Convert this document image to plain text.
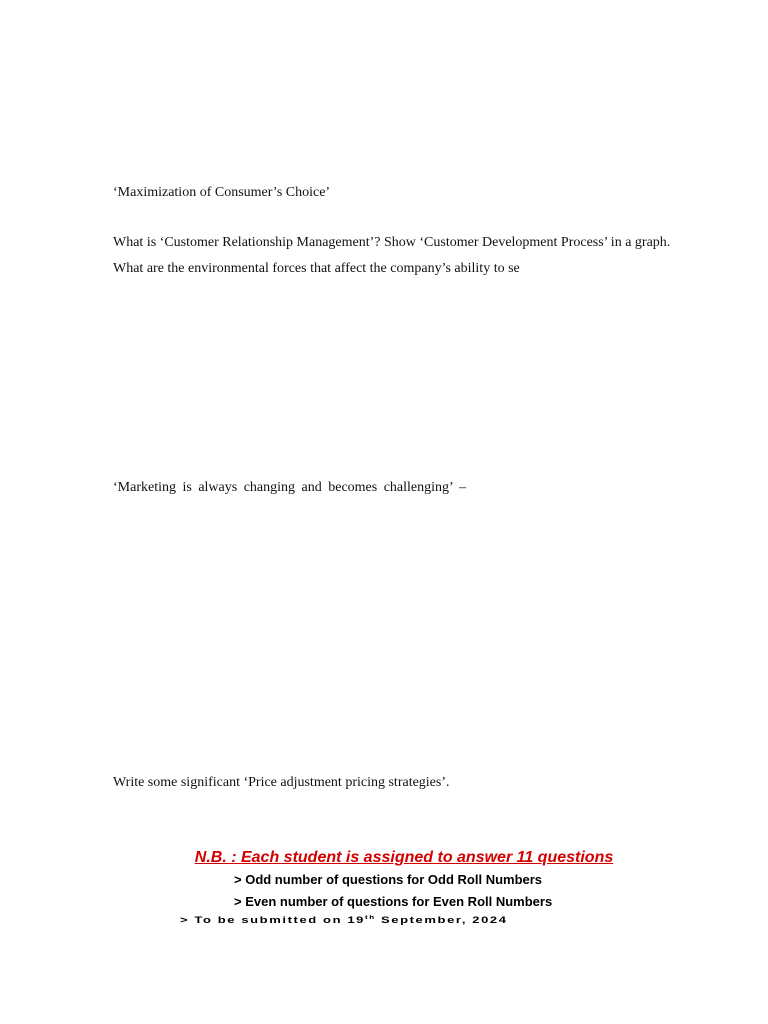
‘Maximization of Consumer’s Choice’
What is ‘Customer Relationship Management’? Show ‘Customer Development Process’ in a graph.
What are the environmental forces that affect the company’s ability to se
‘Marketing is always changing and becomes challenging’ –
Write some significant ‘Price adjustment pricing strategies’.
N.B. : Each student is assigned to answer 11 questions
> Odd number of questions for Odd Roll Numbers
> Even number of questions for Even Roll Numbers
> To be submitted on 19th September, 2024
